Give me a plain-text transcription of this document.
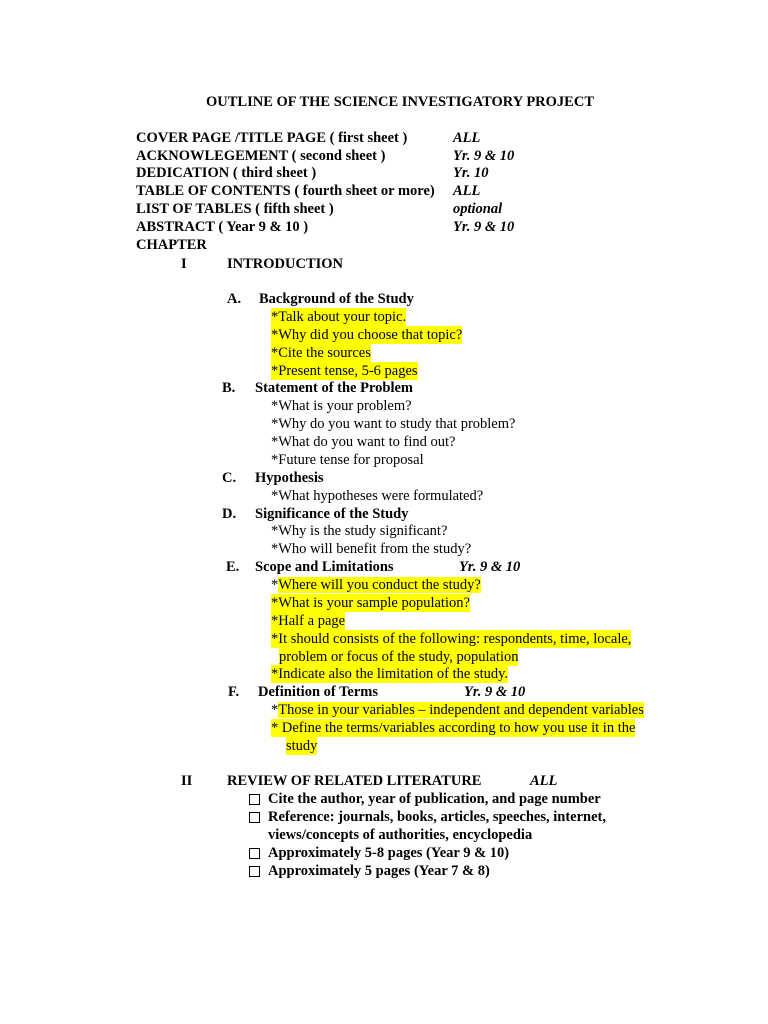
OUTLINE OF THE SCIENCE INVESTIGATORY PROJECT
COVER PAGE /TITLE PAGE ( first sheet )	ALL
ACKNOWLEGEMENT ( second sheet )	Yr. 9 & 10
DEDICATION ( third sheet )	Yr. 10
TABLE OF CONTENTS ( fourth sheet or more) ALL
LIST OF TABLES ( fifth sheet )	optional
ABSTRACT ( Year 9 & 10 )	Yr. 9 & 10
CHAPTER
I	INTRODUCTION
A. Background of the Study
*Talk about your topic.
*Why did you choose that topic?
*Cite the sources
*Present tense, 5-6 pages
B. Statement of the Problem
*What is your problem?
*Why do you want to study that problem?
*What do you want to find out?
*Future tense for proposal
C. Hypothesis
*What hypotheses were formulated?
D. Significance of the Study
*Why is the study significant?
*Who will benefit from the study?
E. Scope and Limitations	Yr. 9 & 10
*Where will you conduct the study?
*What is your sample population?
*Half a page
*It should consists of the following: respondents, time, locale,
problem or focus of the study, population
*Indicate also the limitation of the study.
F. Definition of Terms	Yr. 9 & 10
*Those in your variables – independent and dependent variables
* Define the terms/variables according to how you use it in the
study
II REVIEW OF RELATED LITERATURE	ALL
Cite the author, year of publication, and page number
Reference: journals, books, articles, speeches, internet,
views/concepts of authorities, encyclopedia
Approximately 5-8 pages (Year 9 & 10)
Approximately 5 pages (Year 7 & 8)
